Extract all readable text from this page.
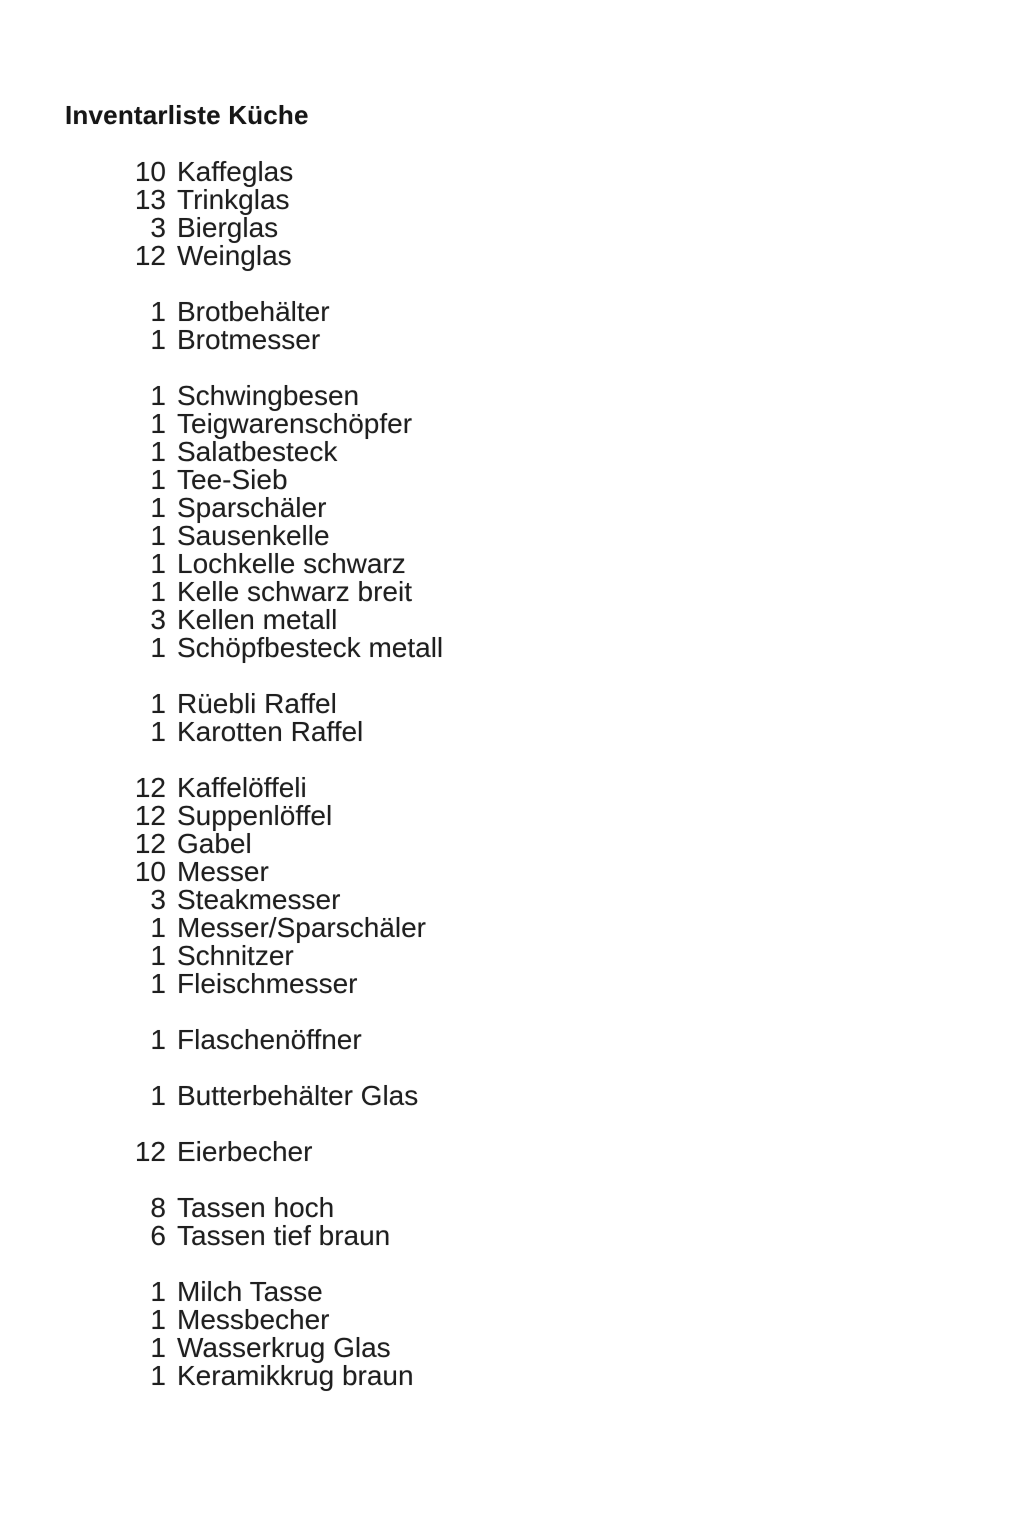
Inventarliste Küche
10 Kaffeglas
13 Trinkglas
3 Bierglas
12 Weinglas
1 Brotbehälter
1 Brotmesser
1 Schwingbesen
1 Teigwarenschöpfer
1 Salatbesteck
1 Tee-Sieb
1 Sparschäler
1 Sausenkelle
1 Lochkelle schwarz
1 Kelle schwarz breit
3 Kellen metall
1 Schöpfbesteck metall
1 Rüebli Raffel
1 Karotten Raffel
12 Kaffelöffeli
12 Suppenlöffel
12 Gabel
10 Messer
3 Steakmesser
1 Messer/Sparschäler
1 Schnitzer
1 Fleischmesser
1 Flaschenöffner
1 Butterbehälter Glas
12 Eierbecher
8 Tassen hoch
6 Tassen tief braun
1 Milch Tasse
1 Messbecher
1 Wasserkrug Glas
1 Keramikkrug braun
